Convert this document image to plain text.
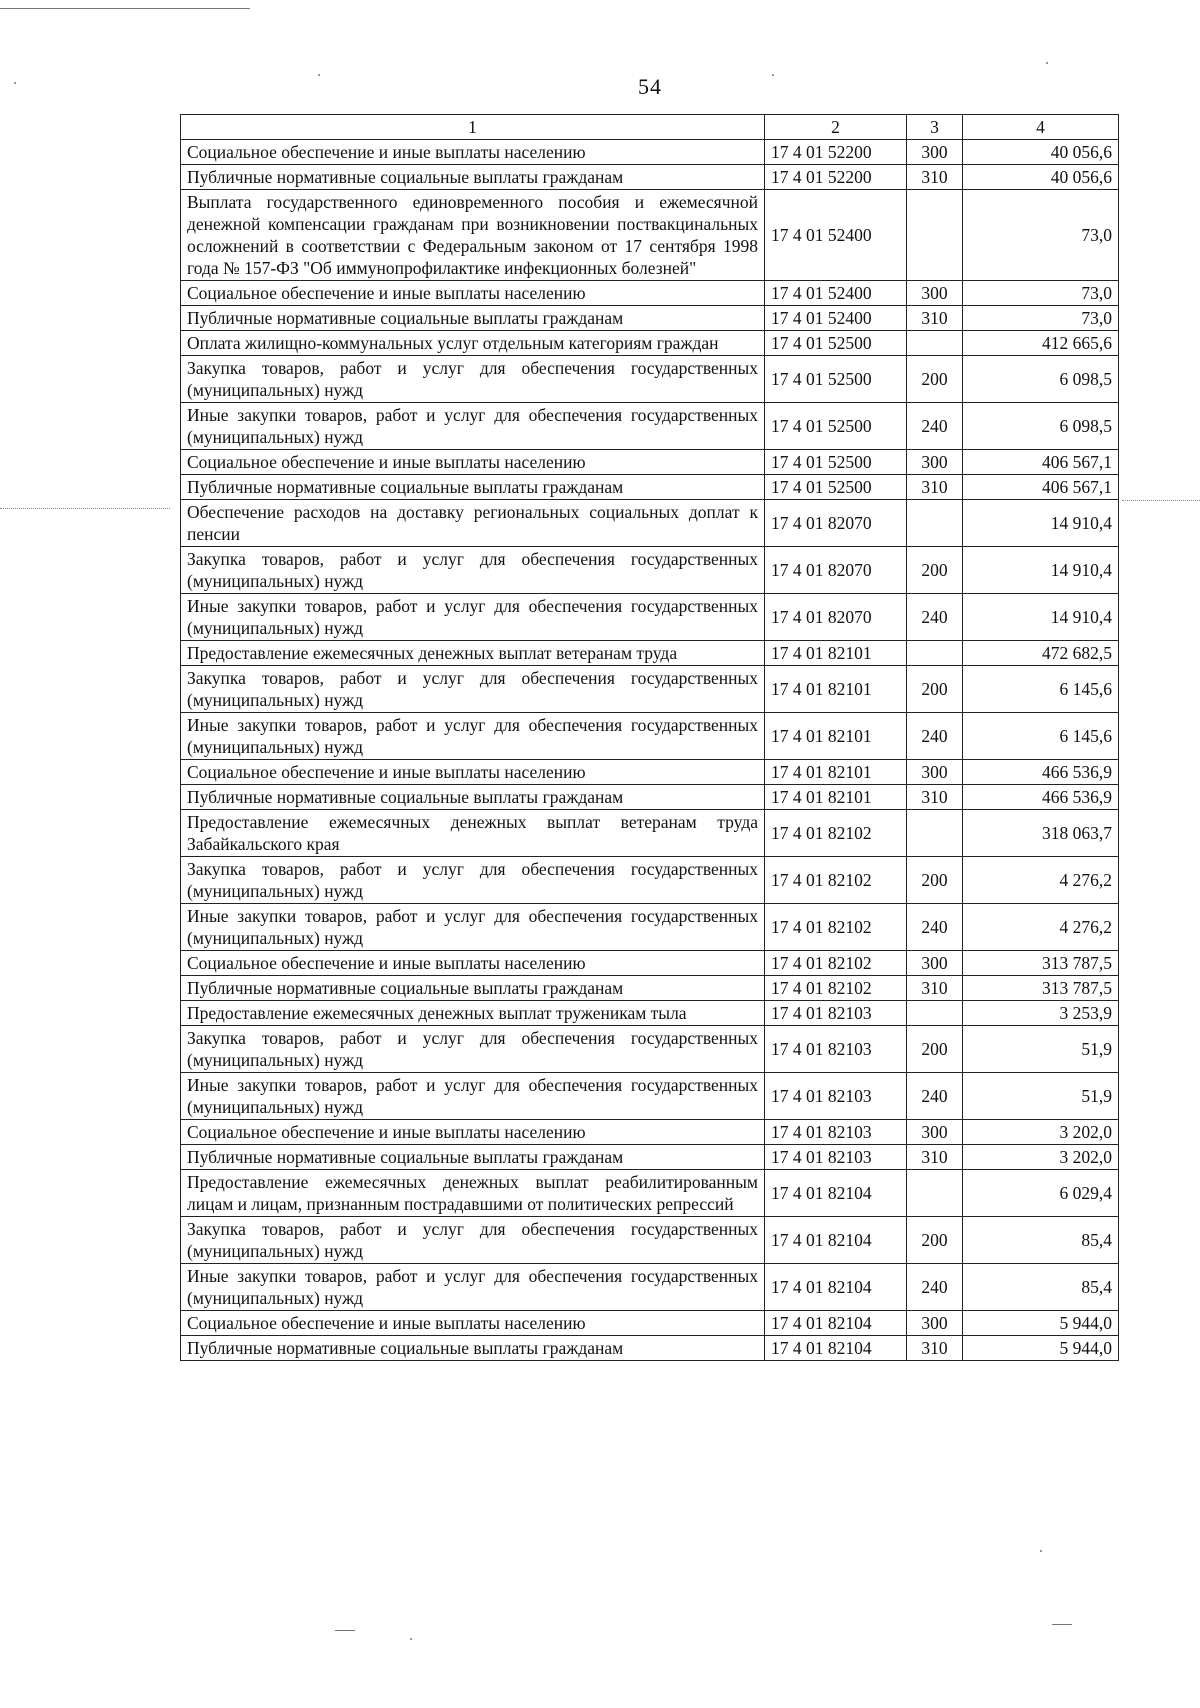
54
1	2	3	4
Социальное обеспечение и иные выплаты населению	17 4 01 52200	300	40 056,6
Публичные нормативные социальные выплаты гражданам	17 4 01 52200	310	40 056,6
Выплата государственного единовременного пособия и ежемесячной денежной компенсации гражданам при возникновении поствакцинальных осложнений в соответствии с Федеральным законом от 17 сентября 1998 года № 157-ФЗ "Об иммунопрофилактике инфекционных болезней"	17 4 01 52400		73,0
Социальное обеспечение и иные выплаты населению	17 4 01 52400	300	73,0
Публичные нормативные социальные выплаты гражданам	17 4 01 52400	310	73,0
Оплата жилищно-коммунальных услуг отдельным категориям граждан	17 4 01 52500		412 665,6
Закупка товаров, работ и услуг для обеспечения государственных (муниципальных) нужд	17 4 01 52500	200	6 098,5
Иные закупки товаров, работ и услуг для обеспечения государственных (муниципальных) нужд	17 4 01 52500	240	6 098,5
Социальное обеспечение и иные выплаты населению	17 4 01 52500	300	406 567,1
Публичные нормативные социальные выплаты гражданам	17 4 01 52500	310	406 567,1
Обеспечение расходов на доставку региональных социальных доплат к пенсии	17 4 01 82070		14 910,4
Закупка товаров, работ и услуг для обеспечения государственных (муниципальных) нужд	17 4 01 82070	200	14 910,4
Иные закупки товаров, работ и услуг для обеспечения государственных (муниципальных) нужд	17 4 01 82070	240	14 910,4
Предоставление ежемесячных денежных выплат ветеранам труда	17 4 01 82101		472 682,5
Закупка товаров, работ и услуг для обеспечения государственных (муниципальных) нужд	17 4 01 82101	200	6 145,6
Иные закупки товаров, работ и услуг для обеспечения государственных (муниципальных) нужд	17 4 01 82101	240	6 145,6
Социальное обеспечение и иные выплаты населению	17 4 01 82101	300	466 536,9
Публичные нормативные социальные выплаты гражданам	17 4 01 82101	310	466 536,9
Предоставление ежемесячных денежных выплат ветеранам труда Забайкальского края	17 4 01 82102		318 063,7
Закупка товаров, работ и услуг для обеспечения государственных (муниципальных) нужд	17 4 01 82102	200	4 276,2
Иные закупки товаров, работ и услуг для обеспечения государственных (муниципальных) нужд	17 4 01 82102	240	4 276,2
Социальное обеспечение и иные выплаты населению	17 4 01 82102	300	313 787,5
Публичные нормативные социальные выплаты гражданам	17 4 01 82102	310	313 787,5
Предоставление ежемесячных денежных выплат труженикам тыла	17 4 01 82103		3 253,9
Закупка товаров, работ и услуг для обеспечения государственных (муниципальных) нужд	17 4 01 82103	200	51,9
Иные закупки товаров, работ и услуг для обеспечения государственных (муниципальных) нужд	17 4 01 82103	240	51,9
Социальное обеспечение и иные выплаты населению	17 4 01 82103	300	3 202,0
Публичные нормативные социальные выплаты гражданам	17 4 01 82103	310	3 202,0
Предоставление ежемесячных денежных выплат реабилитированным лицам и лицам, признанным пострадавшими от политических репрессий	17 4 01 82104		6 029,4
Закупка товаров, работ и услуг для обеспечения государственных (муниципальных) нужд	17 4 01 82104	200	85,4
Иные закупки товаров, работ и услуг для обеспечения государственных (муниципальных) нужд	17 4 01 82104	240	85,4
Социальное обеспечение и иные выплаты населению	17 4 01 82104	300	5 944,0
Публичные нормативные социальные выплаты гражданам	17 4 01 82104	310	5 944,0
